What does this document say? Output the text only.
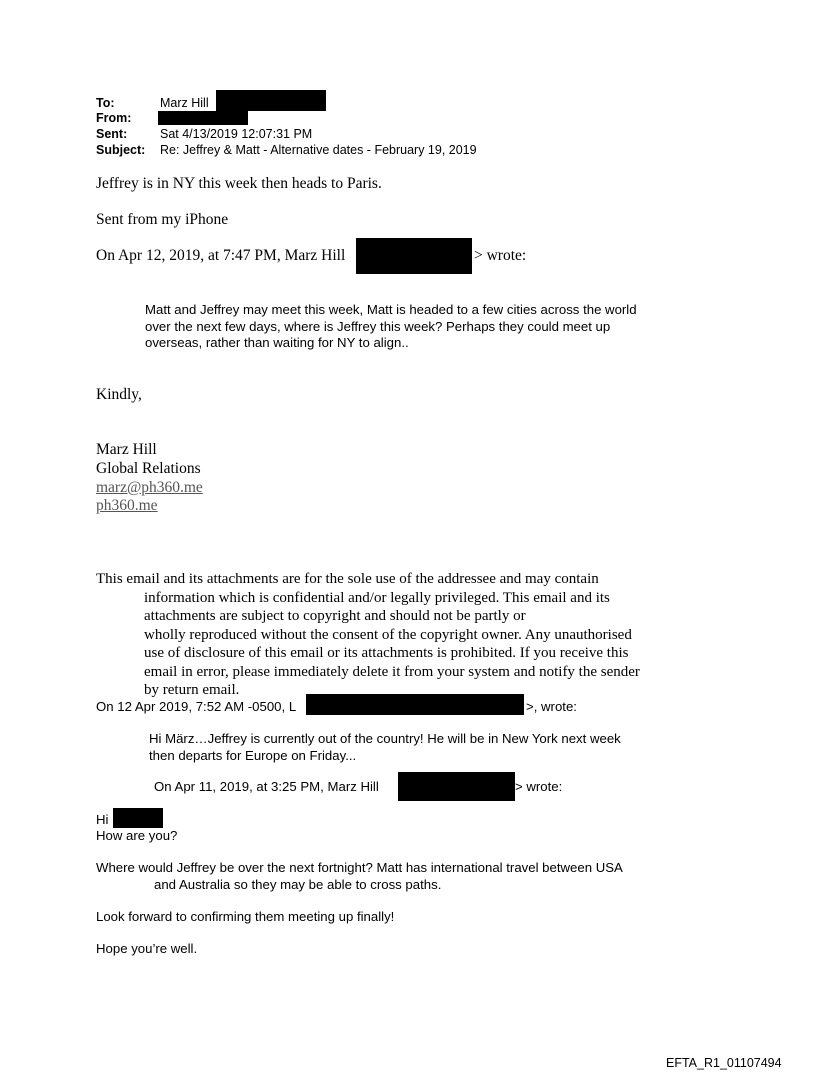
To:	Marz Hill
From:
Sent:	Sat 4/13/2019 12:07:31 PM
Subject: Re: Jeffrey & Matt - Alternative dates - February 19, 2019
Jeffrey is in NY this week then heads to Paris.
Sent from my iPhone
On Apr 12, 2019, at 7:47 PM, Marz Hill	> wrote:
Matt and Jeffrey may meet this week, Matt is headed to a few cities across the world
over the next few days, where is Jeffrey this week? Perhaps they could meet up
overseas, rather than waiting for NY to align..
Kindly,
Marz Hill
Global Relations
marz@ph360.me
ph360.me
This email and its attachments are for the sole use of the addressee and may contain
information which is confidential and/or legally privileged. This email and its
attachments are subject to copyright and should not be partly or
wholly reproduced without the consent of the copyright owner. Any unauthorised
use of disclosure of this email or its attachments is prohibited. If you receive this
email in error, please immediately delete it from your system and notify the sender
by return email.
On 12 Apr 2019, 7:52 AM -0500, L	>, wrote:
Hi März…Jeffrey is currently out of the country! He will be in New York next week
then departs for Europe on Friday...
On Apr 11, 2019, at 3:25 PM, Marz Hill	> wrote:
Hi
How are you?
Where would Jeffrey be over the next fortnight? Matt has international travel between USA
and Australia so they may be able to cross paths.
Look forward to confirming them meeting up finally!
Hope you’re well.
EFTA_R1_01107494
